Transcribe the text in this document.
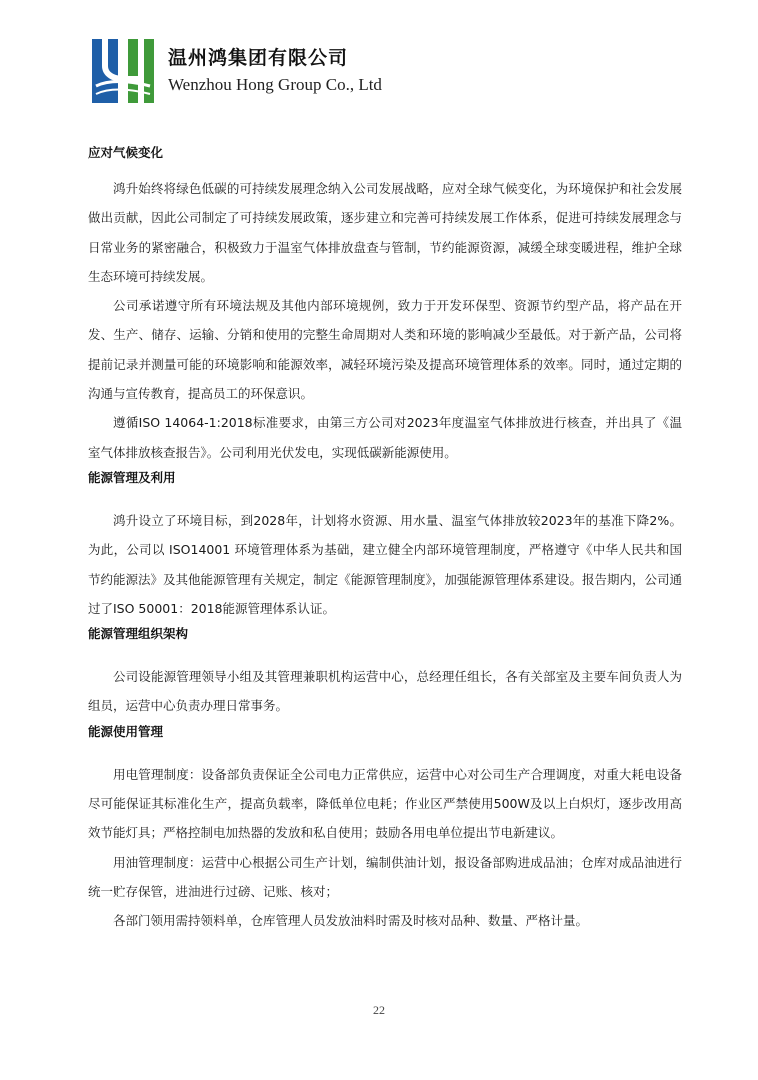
温州鸿集团有限公司
Wenzhou Hong Group Co., Ltd
应对气候变化

鸿升始终将绿色低碳的可持续发展理念纳入公司发展战略，应对全球气候变化，为环境保护和社会发展做出贡献，因此公司制定了可持续发展政策，逐步建立和完善可持续发展工作体系，促进可持续发展理念与日常业务的紧密融合，积极致力于温室气体排放盘查与管制，节约能源资源，减缓全球变暖进程，维护全球生态环境可持续发展。

公司承诺遵守所有环境法规及其他内部环境规例，致力于开发环保型、资源节约型产品，将产品在开发、生产、储存、运输、分销和使用的完整生命周期对人类和环境的影响减少至最低。对于新产品，公司将提前记录并测量可能的环境影响和能源效率，减轻环境污染及提高环境管理体系的效率。同时，通过定期的沟通与宣传教育，提高员工的环保意识。

遵循ISO 14064-1:2018标准要求，由第三方公司对2023年度温室气体排放进行核查，并出具了《温室气体排放核查报告》。公司利用光伏发电，实现低碳新能源使用。

能源管理及利用

鸿升设立了环境目标，到2028年，计划将水资源、用水量、温室气体排放较2023年的基准下降2%。为此，公司以 ISO14001 环境管理体系为基础，建立健全内部环境管理制度，严格遵守《中华人民共和国节约能源法》及其他能源管理有关规定，制定《能源管理制度》，加强能源管理体系建设。报告期内，公司通过了ISO 50001：2018能源管理体系认证。

能源管理组织架构

公司设能源管理领导小组及其管理兼职机构运营中心，总经理任组长，各有关部室及主要车间负责人为组员，运营中心负责办理日常事务。

能源使用管理

用电管理制度：设备部负责保证全公司电力正常供应，运营中心对公司生产合理调度，对重大耗电设备尽可能保证其标准化生产，提高负载率，降低单位电耗；作业区严禁使用500W及以上白炽灯，逐步改用高效节能灯具；严格控制电加热器的发放和私自使用；鼓励各用电单位提出节电新建议。

用油管理制度：运营中心根据公司生产计划，编制供油计划，报设备部购进成品油；仓库对成品油进行统一贮存保管，进油进行过磅、记账、核对；

各部门领用需持领料单，仓库管理人员发放油料时需及时核对品种、数量、严格计量。

22
